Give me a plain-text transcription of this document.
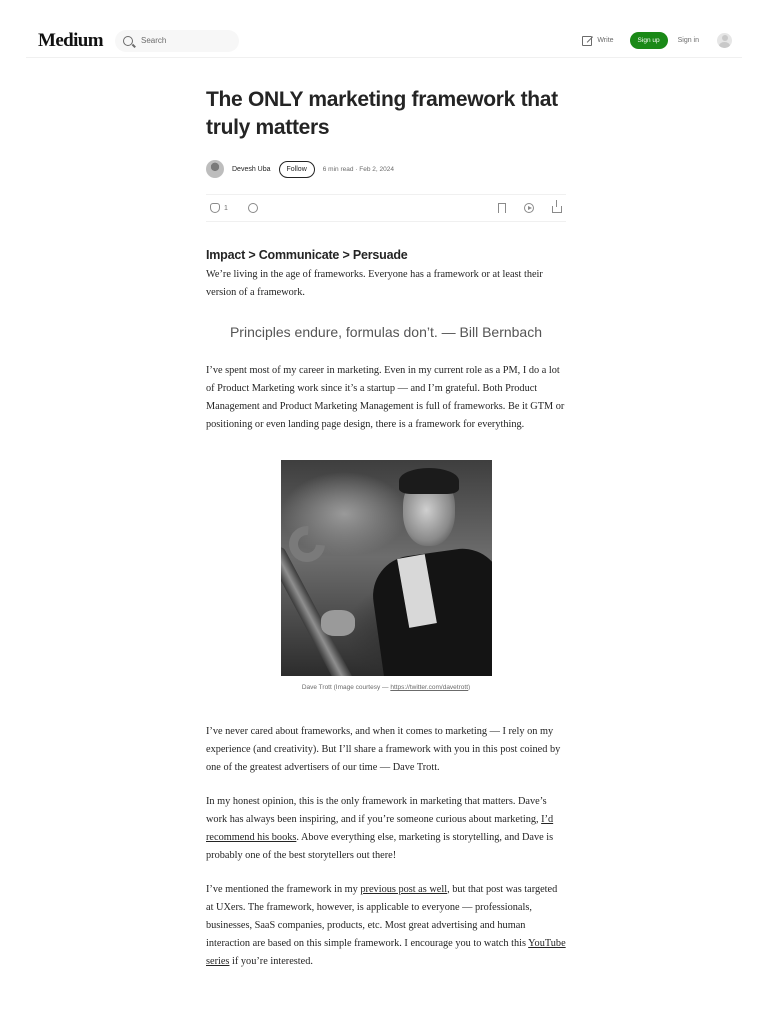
Medium	Search	Write	Sign up	Sign in
The ONLY marketing framework that truly matters
Devesh Uba	Follow	6 min read · Feb 2, 2024
1
Impact > Communicate > Persuade

We’re living in the age of frameworks. Everyone has a framework or at least their version of a framework.

Principles endure, formulas don’t. — Bill Bernbach

I’ve spent most of my career in marketing. Even in my current role as a PM, I do a lot of Product Marketing work since it’s a startup — and I’m grateful. Both Product Management and Product Marketing Management is full of frameworks. Be it GTM or positioning or even landing page design, there is a framework for everything.

Dave Trott (Image courtesy — https://twitter.com/davetrott)

I’ve never cared about frameworks, and when it comes to marketing — I rely on my experience (and creativity). But I’ll share a framework with you in this post coined by one of the greatest advertisers of our time — Dave Trott.

In my honest opinion, this is the only framework in marketing that matters. Dave’s work has always been inspiring, and if you’re someone curious about marketing, I’d recommend his books. Above everything else, marketing is storytelling, and Dave is probably one of the best storytellers out there!

I’ve mentioned the framework in my previous post as well, but that post was targeted at UXers. The framework, however, is applicable to everyone — professionals, businesses, SaaS companies, products, etc. Most great advertising and human interaction are based on this simple framework. I encourage you to watch this YouTube series if you’re interested.
